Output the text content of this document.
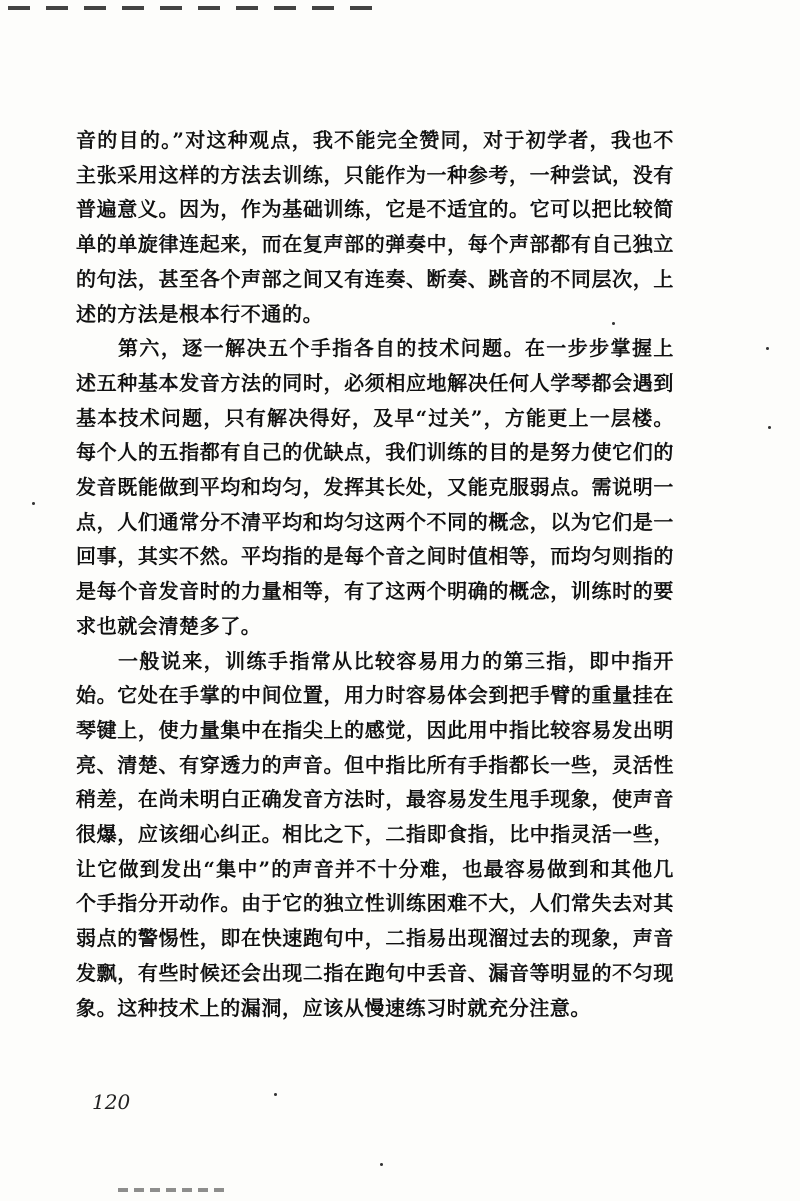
音的目的。”对这种观点，我不能完全赞同，对于初学者，我也不主张采用这样的方法去训练，只能作为一种参考，一种尝试，没有普遍意义。因为，作为基础训练，它是不适宜的。它可以把比较简单的单旋律连起来，而在复声部的弹奏中，每个声部都有自己独立的句法，甚至各个声部之间又有连奏、断奏、跳音的不同层次，上述的方法是根本行不通的。

第六，逐一解决五个手指各自的技术问题。在一步步掌握上述五种基本发音方法的同时，必须相应地解决任何人学琴都会遇到基本技术问题，只有解决得好，及早“过关”，方能更上一层楼。每个人的五指都有自己的优缺点，我们训练的目的是努力使它们的发音既能做到平均和均匀，发挥其长处，又能克服弱点。需说明一点，人们通常分不清平均和均匀这两个不同的概念，以为它们是一回事，其实不然。平均指的是每个音之间时值相等，而均匀则指的是每个音发音时的力量相等，有了这两个明确的概念，训练时的要求也就会清楚多了。

一般说来，训练手指常从比较容易用力的第三指，即中指开始。它处在手掌的中间位置，用力时容易体会到把手臂的重量挂在琴键上，使力量集中在指尖上的感觉，因此用中指比较容易发出明亮、清楚、有穿透力的声音。但中指比所有手指都长一些，灵活性稍差，在尚未明白正确发音方法时，最容易发生甩手现象，使声音很爆，应该细心纠正。相比之下，二指即食指，比中指灵活一些，让它做到发出“集中”的声音并不十分难，也最容易做到和其他几个手指分开动作。由于它的独立性训练困难不大，人们常失去对其弱点的警惕性，即在快速跑句中，二指易出现溜过去的现象，声音发飘，有些时候还会出现二指在跑句中丢音、漏音等明显的不匀现象。这种技术上的漏洞，应该从慢速练习时就充分注意。

120
